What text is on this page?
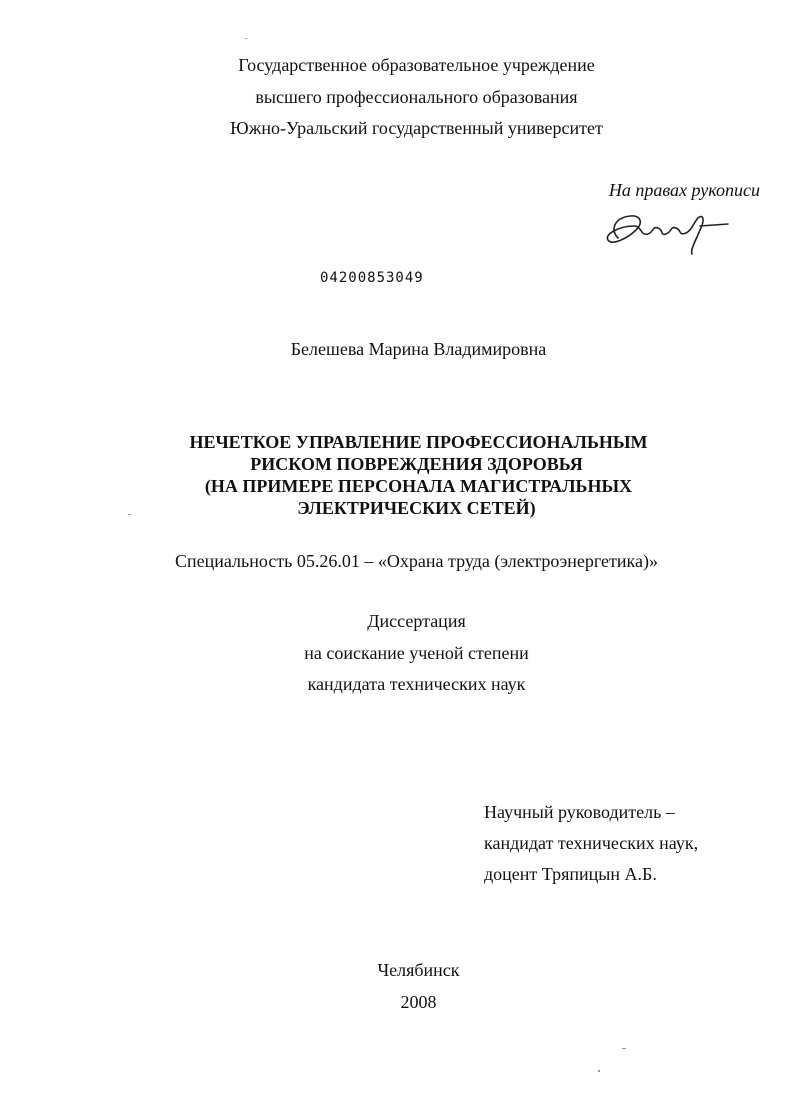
Государственное образовательное учреждение
высшего профессионального образования
Южно-Уральский государственный университет
На правах рукописи
04200853049
Белешева Марина Владимировна
НЕЧЕТКОЕ УПРАВЛЕНИЕ ПРОФЕССИОНАЛЬНЫМ
РИСКОМ ПОВРЕЖДЕНИЯ ЗДОРОВЬЯ
(НА ПРИМЕРЕ ПЕРСОНАЛА МАГИСТРАЛЬНЫХ
ЭЛЕКТРИЧЕСКИХ СЕТЕЙ)
Специальность 05.26.01 – «Охрана труда (электроэнергетика)»
Диссертация
на соискание ученой степени
кандидата технических наук
Научный руководитель –
кандидат технических наук,
доцент Тряпицын А.Б.
Челябинск
2008
